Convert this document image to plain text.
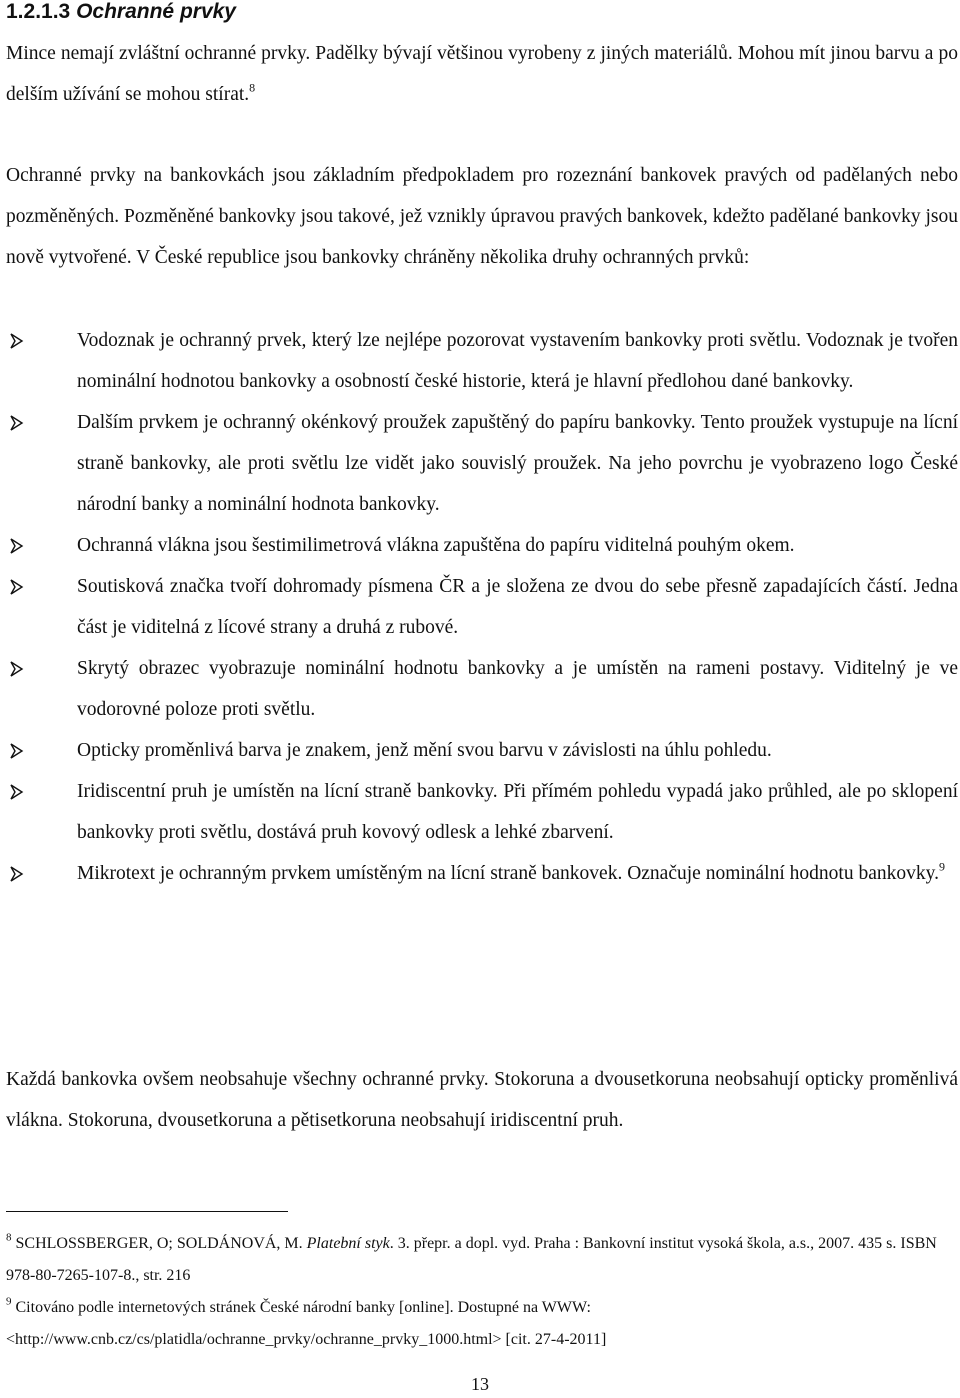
1.2.1.3 Ochranné prvky

Mince nemají zvláštní ochranné prvky. Padělky bývají většinou vyrobeny z jiných materiálů. Mohou mít jinou barvu a po delším užívání se mohou stírat.$^8$

Ochranné prvky na bankovkách jsou základním předpokladem pro rozeznání bankovek pravých od padělaných nebo pozměněných. Pozměněné bankovky jsou takové, jež vznikly úpravou pravých bankovek, kdežto padělané bankovky jsou nově vytvořené. V České republice jsou bankovky chráněny několika druhy ochranných prvků:

Vodoznak je ochranný prvek, který lze nejlépe pozorovat vystavením bankovky proti světlu. Vodoznak je tvořen nominální hodnotou bankovky a osobností české historie, která je hlavní předlohou dané bankovky.
Dalším prvkem je ochranný okénkový proužek zapuštěný do papíru bankovky. Tento proužek vystupuje na lícní straně bankovky, ale proti světlu lze vidět jako souvislý proužek. Na jeho povrchu je vyobrazeno logo České národní banky a nominální hodnota bankovky.
Ochranná vlákna jsou šestimilimetrová vlákna zapuštěna do papíru viditelná pouhým okem.
Soutisková značka tvoří dohromady písmena ČR a je složena ze dvou do sebe přesně zapadajících částí. Jedna část je viditelná z lícové strany a druhá z rubové.
Skrytý obrazec vyobrazuje nominální hodnotu bankovky a je umístěn na rameni postavy. Viditelný je ve vodorovné poloze proti světlu.
Opticky proměnlivá barva je znakem, jenž mění svou barvu v závislosti na úhlu pohledu.
Iridiscentní pruh je umístěn na lícní straně bankovky. Při přímém pohledu vypadá jako průhled, ale po sklopení bankovky proti světlu, dostává pruh kovový odlesk a lehké zbarvení.
Mikrotext je ochranným prvkem umístěným na lícní straně bankovek. Označuje nominální hodnotu bankovky.$^9$

Každá bankovka ovšem neobsahuje všechny ochranné prvky. Stokoruna a dvousetkoruna neobsahují opticky proměnlivá vlákna. Stokoruna, dvousetkoruna a pětisetkoruna neobsahují iridiscentní pruh.

$^8$ SCHLOSSBERGER, O; SOLDÁNOVÁ, M. Platební styk. 3. přepr. a dopl. vyd. Praha : Bankovní institut vysoká škola, a.s., 2007. 435 s. ISBN 978-80-7265-107-8., str. 216

$^9$ Citováno podle internetových stránek České národní banky [online]. Dostupné na WWW: <http://www.cnb.cz/cs/platidla/ochranne_prvky/ochranne_prvky_1000.html> [cit. 27-4-2011]

13
